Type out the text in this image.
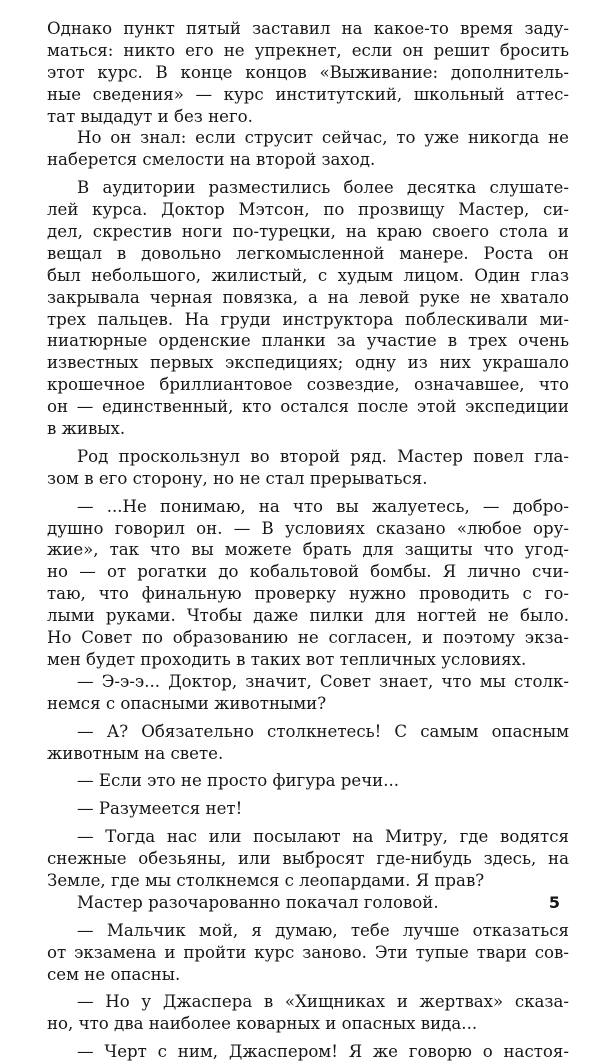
Однако пункт пятый заставил на какое-то время заду-
маться: никто его не упрекнет, если он решит бросить
этот курс. В конце концов «Выживание: дополнитель-
ные сведения» — курс институтский, школьный аттес-
тат выдадут и без него.
Но он знал: если струсит сейчас, то уже никогда не
наберется смелости на второй заход.
В аудитории разместились более десятка слушате-
лей курса. Доктор Мэтсон, по прозвищу Мастер, си-
дел, скрестив ноги по-турецки, на краю своего стола и
вещал в довольно легкомысленной манере. Роста он
был небольшого, жилистый, с худым лицом. Один глаз
закрывала черная повязка, а на левой руке не хватало
трех пальцев. На груди инструктора поблескивали ми-
ниатюрные орденские планки за участие в трех очень
известных первых экспедициях; одну из них украшало
крошечное бриллиантовое созвездие, означавшее, что
он — единственный, кто остался после этой экспедиции
в живых.
Род проскользнул во второй ряд. Мастер повел гла-
зом в его сторону, но не стал прерываться.
— ...Не понимаю, на что вы жалуетесь, — добро-
душно говорил он. — В условиях сказано «любое ору-
жие», так что вы можете брать для защиты что угод-
но — от рогатки до кобальтовой бомбы. Я лично счи-
таю, что финальную проверку нужно проводить с го-
лыми руками. Чтобы даже пилки для ногтей не было.
Но Совет по образованию не согласен, и поэтому экза-
мен будет проходить в таких вот тепличных условиях.
— Э-э-э... Доктор, значит, Совет знает, что мы столк-
немся с опасными животными?
— А? Обязательно столкнетесь! С самым опасным
животным на свете.
— Если это не просто фигура речи...
— Разумеется нет!
— Тогда нас или посылают на Митру, где водятся
снежные обезьяны, или выбросят где-нибудь здесь, на
Земле, где мы столкнемся с леопардами. Я прав?
Мастер разочарованно покачал головой.
— Мальчик мой, я думаю, тебе лучше отказаться
от экзамена и пройти курс заново. Эти тупые твари сов-
сем не опасны.
— Но у Джаспера в «Хищниках и жертвах» сказа-
но, что два наиболее коварных и опасных вида...
— Черт с ним, Джаспером! Я же говорю о настоя-
5
